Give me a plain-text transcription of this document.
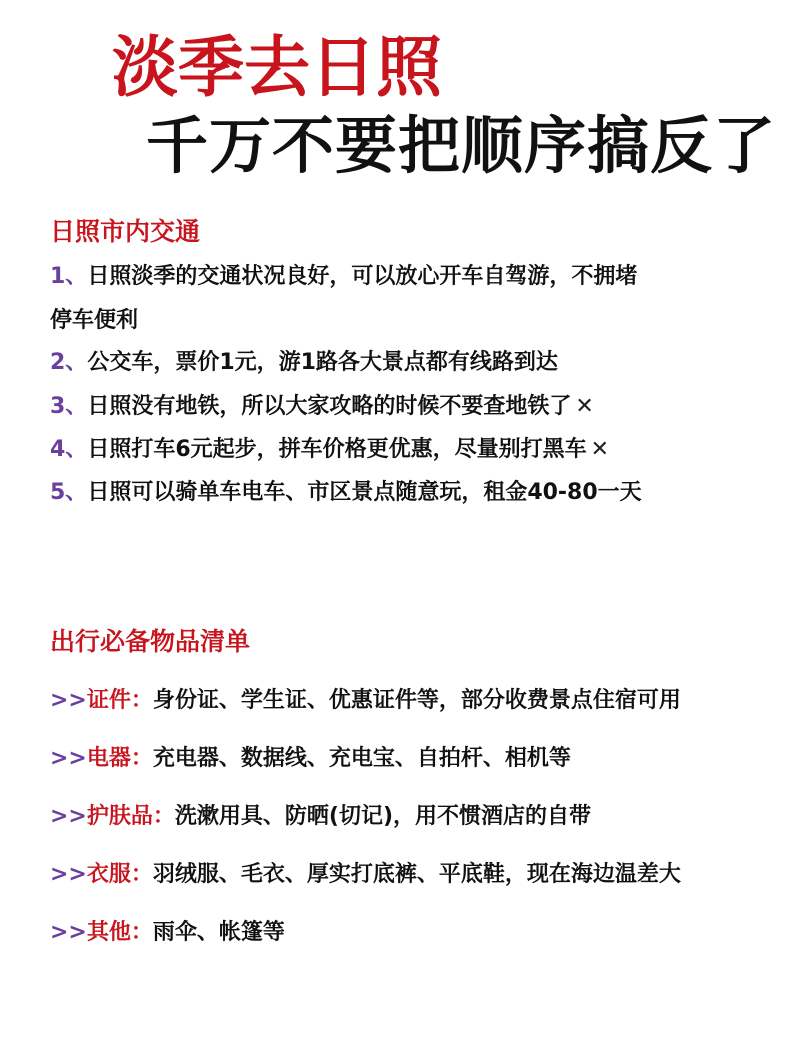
淡季去日照
千万不要把顺序搞反了
日照市内交通
1、日照淡季的交通状况良好，可以放心开车自驾游，不拥堵
停车便利
2、公交车，票价1元，游1路各大景点都有线路到达
3、日照没有地铁，所以大家攻略的时候不要查地铁了 ✕
4、日照打车6元起步，拼车价格更优惠，尽量别打黑车 ✕
5、日照可以骑单车电车、市区景点随意玩，租金40-80一天
出行必备物品清单
>>证件：身份证、学生证、优惠证件等，部分收费景点住宿可用
>>电器：充电器、数据线、充电宝、自拍杆、相机等
>>护肤品：洗漱用具、防晒(切记)，用不惯酒店的自带
>>衣服：羽绒服、毛衣、厚实打底裤、平底鞋，现在海边温差大
>>其他：雨伞、帐篷等
